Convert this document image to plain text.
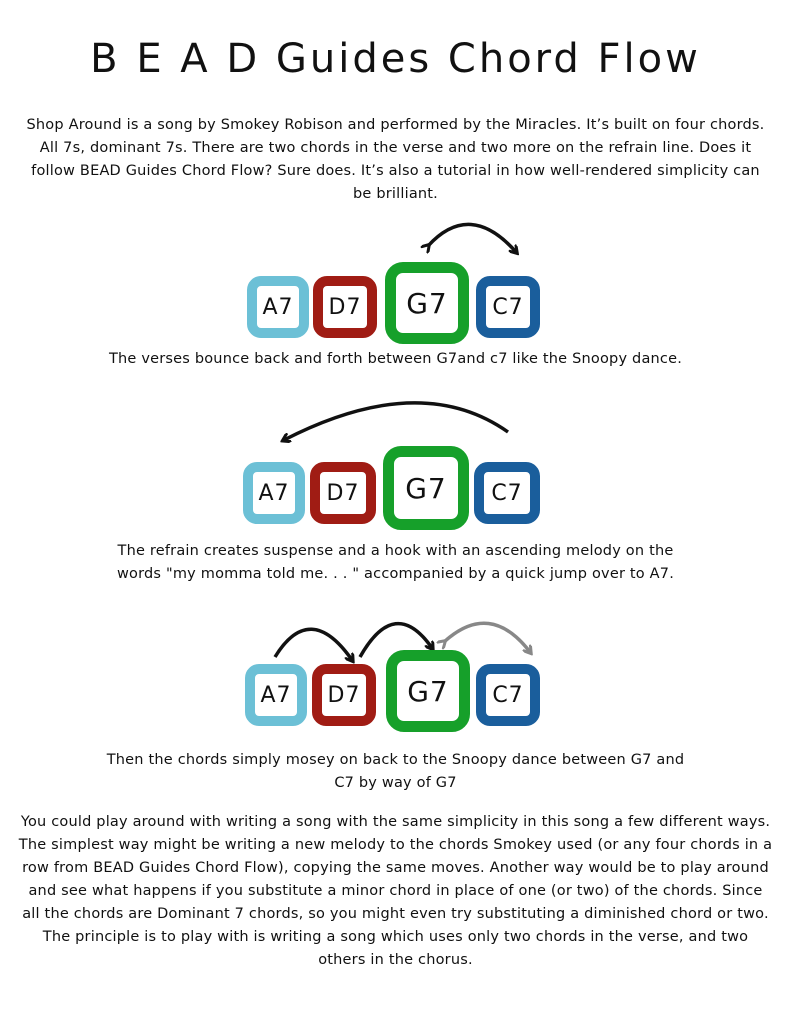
B E A D Guides Chord Flow
Shop Around is a song by Smokey Robison and performed by the Miracles. It’s built on four chords. All 7s, dominant 7s. There are two chords in the verse and two more on the refrain line. Does it follow BEAD Guides Chord Flow? Sure does. It’s also a tutorial in how well-rendered simplicity can be brilliant.
A7 D7 G7 C7
The verses bounce back and forth between G7and c7 like the Snoopy dance.
A7 D7 G7 C7
The refrain creates suspense and a hook with an ascending melody on the words "my momma told me. . . " accompanied by a quick jump over to A7.
A7 D7 G7 C7
Then the chords simply mosey on back to the Snoopy dance between G7 and C7 by way of G7
You could play around with writing a song with the same simplicity in this song a few different ways. The simplest way might be writing a new melody to the chords Smokey used (or any four chords in a row from BEAD Guides Chord Flow), copying the same moves. Another way would be to play around and see what happens if you substitute a minor chord in place of one (or two) of the chords. Since all the chords are Dominant 7 chords, so you might even try substituting a diminished chord or two. The principle is to play with is writing a song which uses only two chords in the verse, and two others in the chorus.
